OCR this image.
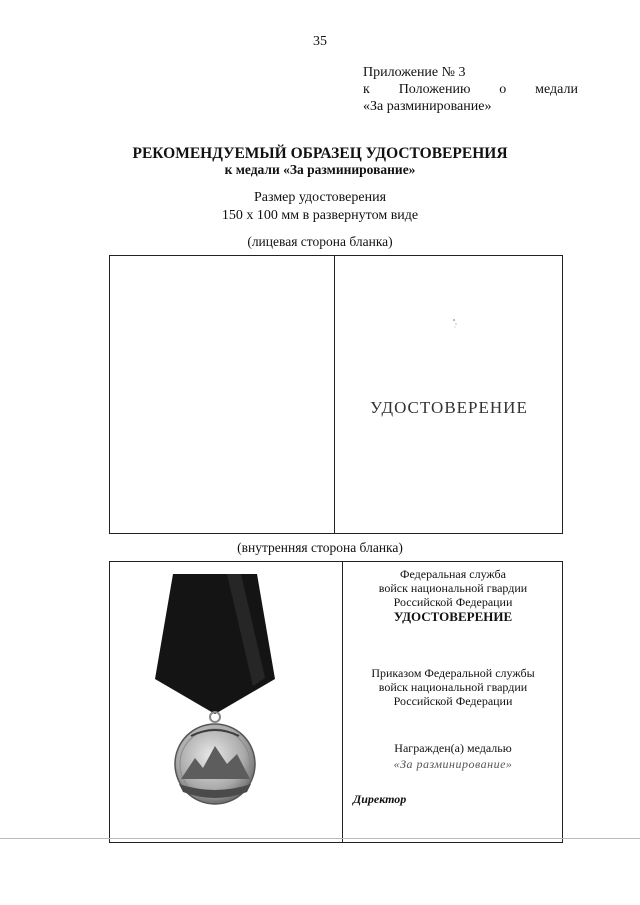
35
Приложение № 3
к Положению о медали
«За разминирование»
РЕКОМЕНДУЕМЫЙ ОБРАЗЕЦ УДОСТОВЕРЕНИЯ
к медали «За разминирование»
Размер удостоверения
150 х 100 мм в развернутом виде
(лицевая сторона бланка)
УДОСТОВЕРЕНИЕ
(внутренняя сторона бланка)
Федеральная служба
войск национальной гвардии
Российской Федерации
УДОСТОВЕРЕНИЕ
Приказом Федеральной службы
войск национальной гвардии
Российской Федерации
Награжден(а) медалью
«За разминирование»
Директор
